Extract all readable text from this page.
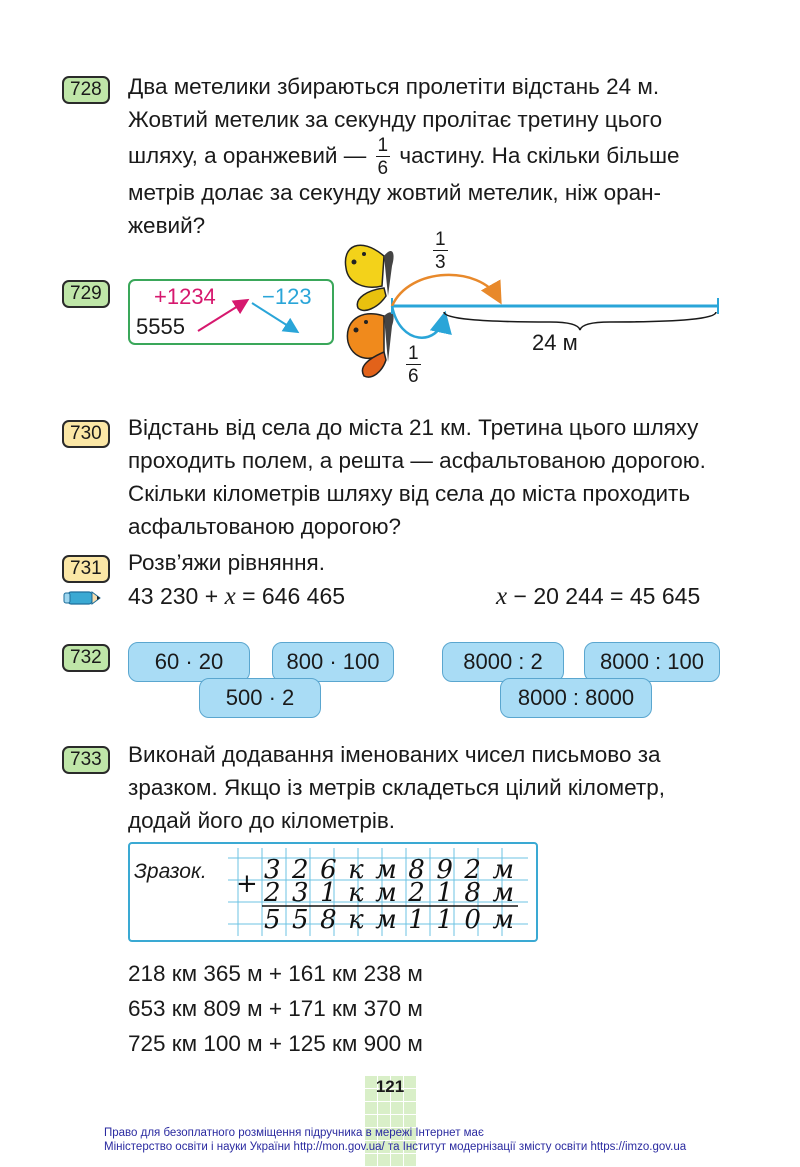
728	Два метелики збираються пролетіти відстань 24 м.
Жовтий метелик за секунду пролітає третину цього
шляху, а оранжевий — $\frac{1}{6}$ частину. На скільки більше
метрів долає за секунду жовтий метелик, ніж оран-
жевий?
729	+1234 −123
5555
$\frac{1}{3}$
$\frac{1}{6}$
24 м
730	Відстань від села до міста 21 км. Третина цього шляху
проходить полем, а решта — асфальтованою дорогою.
Скільки кілометрів шляху від села до міста проходить
асфальтованою дорогою?
731	Розв’яжи рівняння.
43 230 + x = 646 465	x − 20 244 = 45 645
732	60 · 20	800 · 100
500 · 2
8000 : 2	8000 : 100
8000 : 8000
733	Виконай додавання іменованих чисел письмово за
зразком. Якщо із метрів складеться цілий кілометр,
додай його до кілометрів.
Зразок. + 326км892м
231км218м
558км110м
218 км 365 м + 161 км 238 м
653 км 809 м + 171 км 370 м
725 км 100 м + 125 км 900 м
121
Право для безоплатного розміщення підручника в мережі Інтернет має
Міністерство освіти і науки України http://mon.gov.ua/ та Інститут модернізації змісту освіти https://imzo.gov.ua
